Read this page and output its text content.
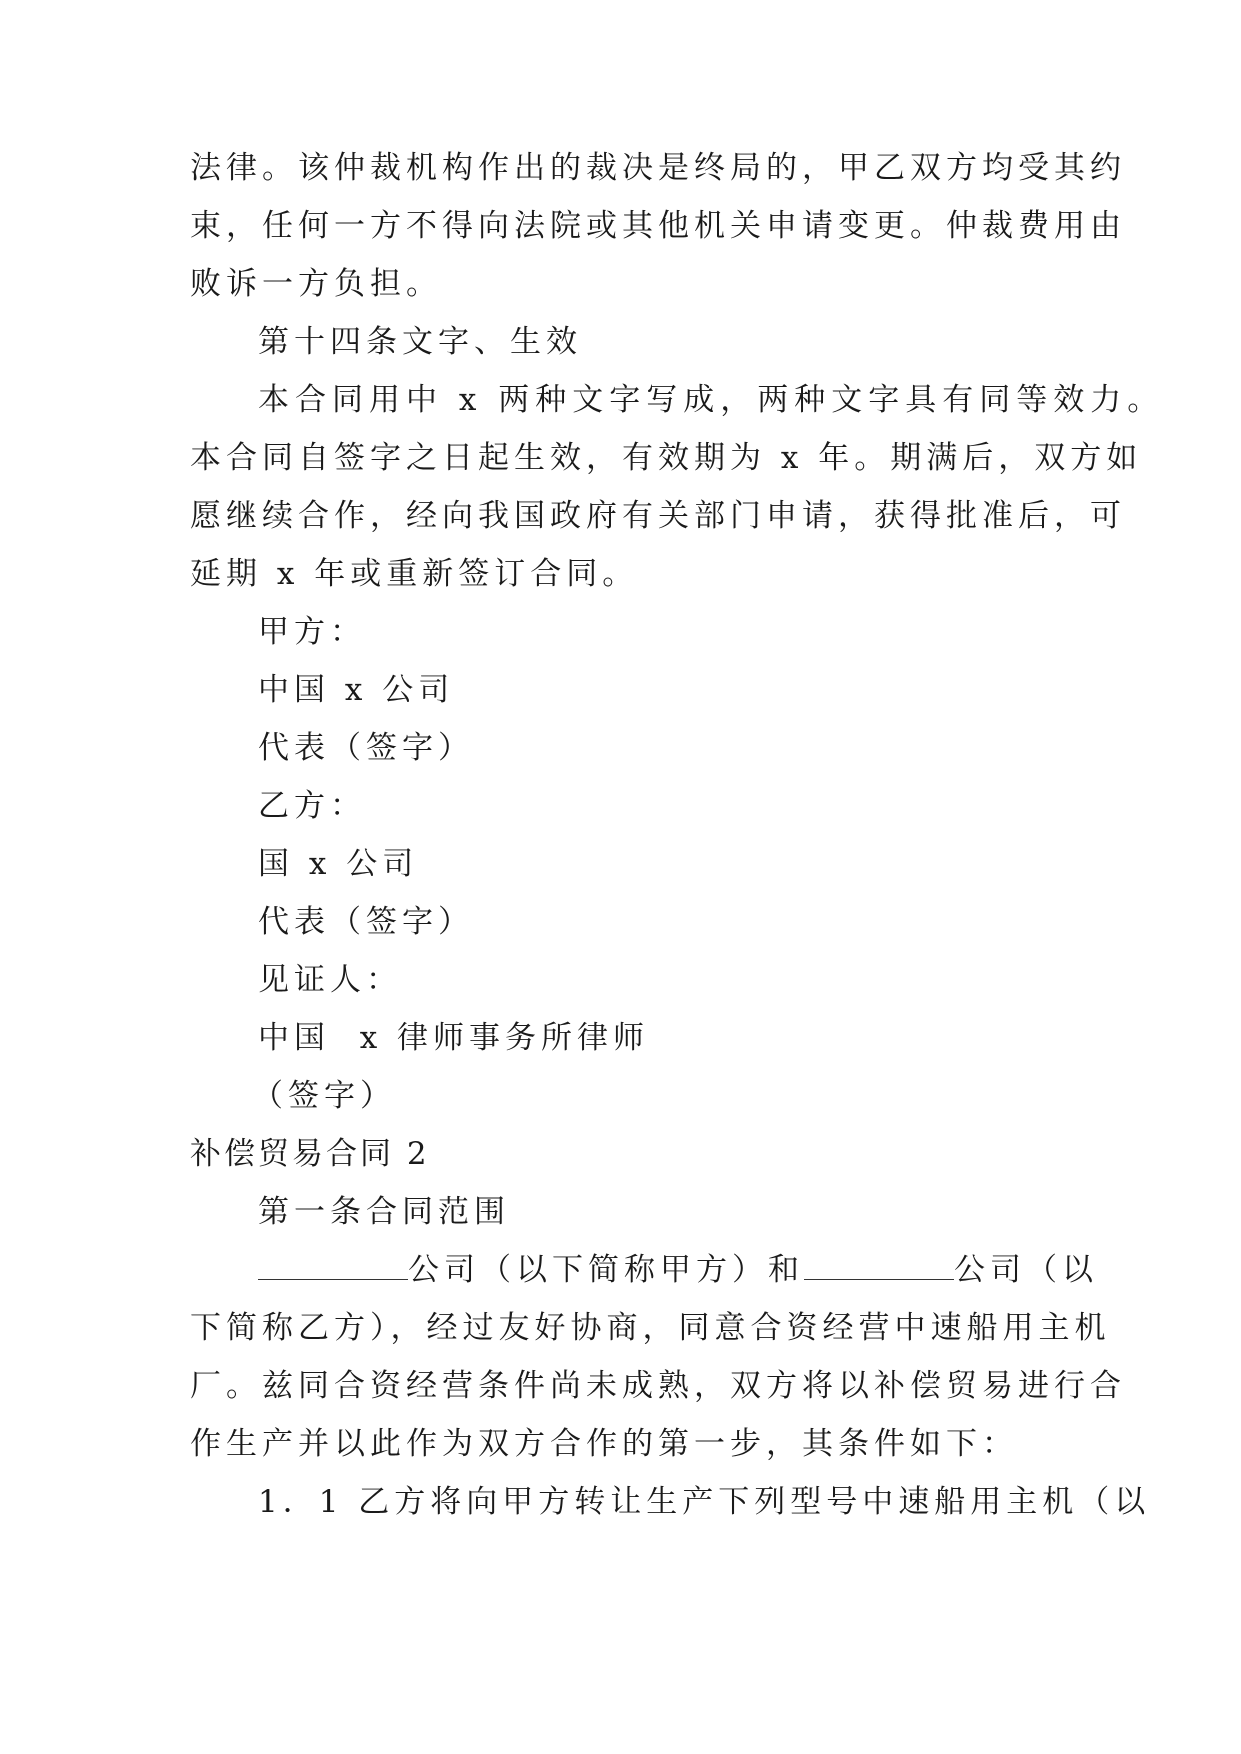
法律。该仲裁机构作出的裁决是终局的，甲乙双方均受其约
束，任何一方不得向法院或其他机关申请变更。仲裁费用由
败诉一方负担。
第十四条文字、生效
本合同用中 x 两种文字写成，两种文字具有同等效力。
本合同自签字之日起生效，有效期为 x 年。期满后，双方如
愿继续合作，经向我国政府有关部门申请，获得批准后，可
延期 x 年或重新签订合同。
甲方：
中国 x 公司
代表（签字）
乙方：
国 x 公司
代表（签字）
见证人：
中国  x 律师事务所律师
（签字）
补偿贸易合同 2
第一条合同范围
公司（以下简称甲方）和	公司（以
下简称乙方），经过友好协商，同意合资经营中速船用主机
厂。兹同合资经营条件尚未成熟，双方将以补偿贸易进行合
作生产并以此作为双方合作的第一步，其条件如下：
1．1 乙方将向甲方转让生产下列型号中速船用主机（以
